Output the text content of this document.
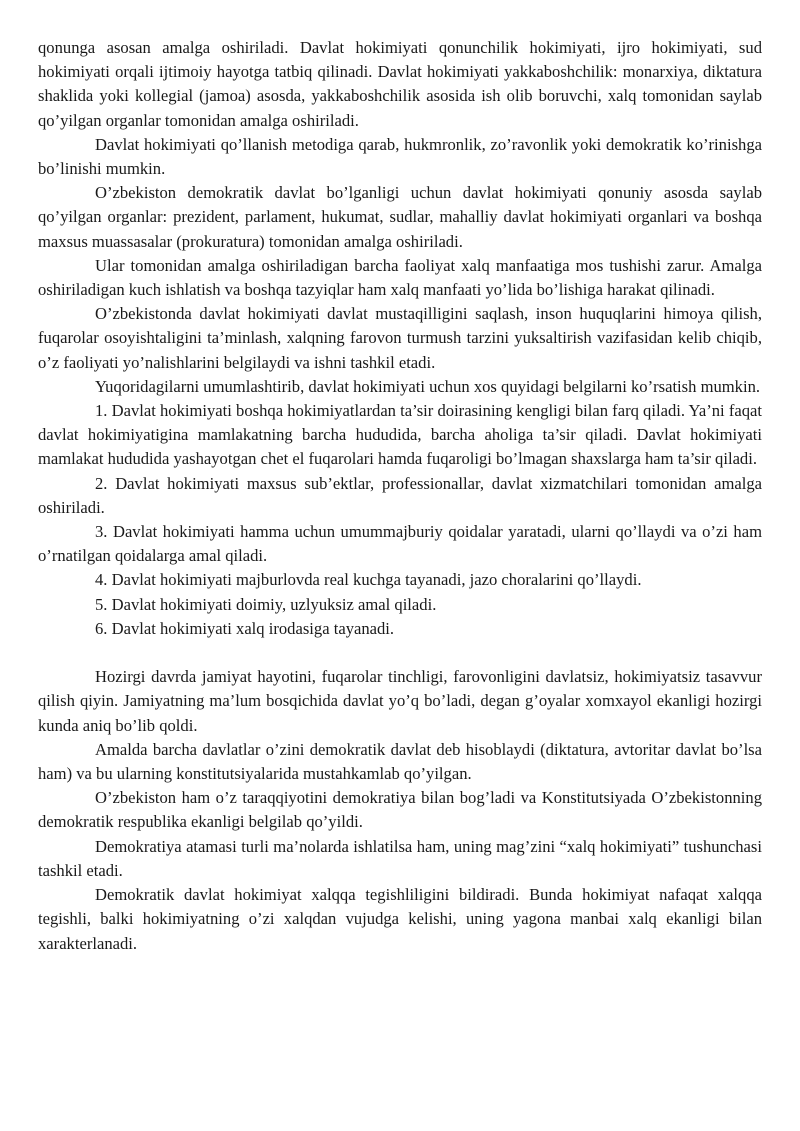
qonunga asosan amalga oshiriladi. Davlat hokimiyati qonunchilik hokimiyati, ijro hokimiyati, sud hokimiyati orqali ijtimoiy hayotga tatbiq qilinadi. Davlat hokimiyati yakkaboshchilik: monarxiya, diktatura shaklida yoki kollegial (jamoa) asosda, yakkaboshchilik asosida ish olib boruvchi, xalq tomonidan saylab qo’yilgan organlar tomonidan amalga oshiriladi.

Davlat hokimiyati qo’llanish metodiga qarab, hukmronlik, zo’ravonlik yoki demokratik ko’rinishga bo’linishi mumkin.

O’zbekiston demokratik davlat bo’lganligi uchun davlat hokimiyati qonuniy asosda saylab qo’yilgan organlar: prezident, parlament, hukumat, sudlar, mahalliy davlat hokimiyati organlari va boshqa maxsus muassasalar (prokuratura) tomonidan amalga oshiriladi.

Ular tomonidan amalga oshiriladigan barcha faoliyat xalq manfaatiga mos tushishi zarur. Amalga oshiriladigan kuch ishlatish va boshqa tazyiqlar ham xalq manfaati yo’lida bo’lishiga harakat qilinadi.

O’zbekistonda davlat hokimiyati davlat mustaqilligini saqlash, inson huquqlarini himoya qilish, fuqarolar osoyishtaligini ta’minlash, xalqning farovon turmush tarzini yuksaltirish vazifasidan kelib chiqib, o’z faoliyati yo’nalishlarini belgilaydi va ishni tashkil etadi.

Yuqoridagilarni umumlashtirib, davlat hokimiyati uchun xos quyidagi belgilarni ko’rsatish mumkin.

1. Davlat hokimiyati boshqa hokimiyatlardan ta’sir doirasining kengligi bilan farq qiladi. Ya’ni faqat davlat hokimiyatigina mamlakatning barcha hududida, barcha aholiga ta’sir qiladi. Davlat hokimiyati mamlakat hududida yashayotgan chet el fuqarolari hamda fuqaroligi bo’lmagan shaxslarga ham ta’sir qiladi.

2. Davlat hokimiyati maxsus sub’ektlar, professionallar, davlat xizmatchilari tomonidan amalga oshiriladi.

3. Davlat hokimiyati hamma uchun umummajburiy qoidalar yaratadi, ularni qo’llaydi va o’zi ham o’rnatilgan qoidalarga amal qiladi.

4. Davlat hokimiyati majburlovda real kuchga tayanadi, jazo choralarini qo’llaydi.

5. Davlat hokimiyati doimiy, uzlyuksiz amal qiladi.

6. Davlat hokimiyati xalq irodasiga tayanadi.

Hozirgi davrda jamiyat hayotini, fuqarolar tinchligi, farovonligini davlatsiz, hokimiyatsiz tasavvur qilish qiyin. Jamiyatning ma’lum bosqichida davlat yo’q bo’ladi, degan g’oyalar xomxayol ekanligi hozirgi kunda aniq bo’lib qoldi.

Amalda barcha davlatlar o’zini demokratik davlat deb hisoblaydi (diktatura, avtoritar davlat bo’lsa ham) va bu ularning konstitutsiyalarida mustahkamlab qo’yilgan.

O’zbekiston ham o’z taraqqiyotini demokratiya bilan bog’ladi va Konstitutsiyada O’zbekistonning demokratik respublika ekanligi belgilab qo’yildi.

Demokratiya atamasi turli ma’nolarda ishlatilsa ham, uning mag’zini “xalq hokimiyati” tushunchasi tashkil etadi.

Demokratik davlat hokimiyat xalqqa tegishliligini bildiradi. Bunda hokimiyat nafaqat xalqqa tegishli, balki hokimiyatning o’zi xalqdan vujudga kelishi, uning yagona manbai xalq ekanligi bilan xarakterlanadi.
